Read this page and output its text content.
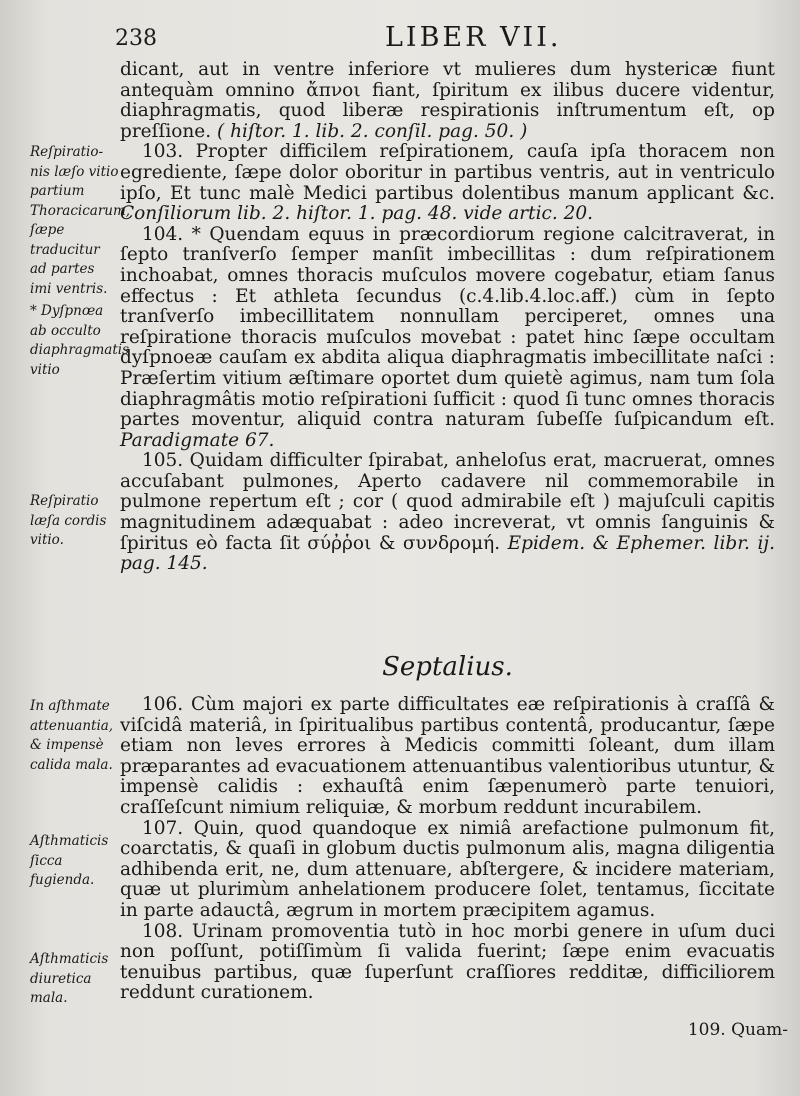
238	LIBER VII.

dicant, aut in ventre inferiore vt mulieres dum hystericæ fiunt antequàm omnino ἄπνοι fiant, ſpiritum ex ilibus ducere videntur, diaphragmatis, quod liberæ respirationis inſtrumentum eſt, op preſſione. ( hiſtor. 1. lib. 2. conſil. pag. 50. )

103. Propter difficilem reſpirationem, cauſa ipſa thoracem non egrediente, ſæpe dolor oboritur in partibus ventris, aut in ventriculo ipſo, Et tunc malè Medici partibus dolentibus manum applicant &c. Conſiliorum lib. 2. hiſtor. 1. pag. 48. vide artic. 20.

104. * Quendam equus in præcordiorum regione calcitraverat, in ſepto tranſverſo ſemper manſit imbecillitas : dum reſpirationem inchoabat, omnes thoracis muſculos movere cogebatur, etiam ſanus effectus : Et athleta ſecundus (c.4.lib.4.loc.aff.) cùm in ſepto tranſverſo imbecillitatem nonnullam perciperet, omnes una reſpiratione thoracis muſculos movebat : patet hinc ſæpe occultam dyſpnoeæ cauſam ex abdita aliqua diaphragmatis imbecillitate naſci : Præſertim vitium æſtimare oportet dum quietè agimus, nam tum ſola diaphragmâtis motio reſpirationi ſufficit : quod ſi tunc omnes thoracis partes moventur, aliquid contra naturam ſubeſſe ſuſpicandum eſt. Paradigmate 67.

105. Quidam difficulter ſpirabat, anheloſus erat, macruerat, omnes accuſabant pulmones, Aperto cadavere nil commemorabile in pulmone repertum eſt ; cor ( quod admirabile eſt ) majuſculi capitis magnitudinem adæquabat : adeo increverat, vt omnis ſanguinis & ſpiritus eò facta ſit σύῤῥοι & συνδρομή. Epidem. & Ephemer. libr. ij. pag. 145.

Septalius.

106. Cùm majori ex parte difficultates eæ reſpirationis à craſſâ & viſcidâ materiâ, in ſpiritualibus partibus contentâ, producantur, ſæpe etiam non leves errores à Medicis committi ſoleant, dum illam præparantes ad evacuationem attenuantibus valentioribus utuntur, & impensè calidis : exhauſtâ enim ſæpenumerò parte tenuiori, craſſeſcunt nimium reliquiæ, & morbum reddunt incurabilem.

107. Quin, quod quandoque ex nimiâ arefactione pulmonum fit, coarctatis, & quaſi in globum ductis pulmonum alis, magna diligentia adhibenda erit, ne, dum attenuare, abſtergere, & incidere materiam, quæ ut plurimùm anhelationem producere ſolet, tentamus, ſiccitate in parte adauctâ, ægrum in mortem præcipitem agamus.

108. Urinam promoventia tutò in hoc morbi genere in uſum duci non poſſunt, potiſſimùm ſi valida fuerint; ſæpe enim evacuatis tenuibus partibus, quæ ſuperſunt craſſiores redditæ, difficiliorem reddunt curationem.

Reſpiratio-nis læſo vitio partium Thoracicarum, ſæpe traducitur ad partes imi ventris.
* Dyſpnœa ab occulto diaphragmatis vitio
Reſpiratio læſa cordis vitio.
In aſthmate attenuantia, & impensè calida mala.
Aſthmaticis ſicca fugienda.
Aſthmaticis diuretica mala.
109. Quam-
